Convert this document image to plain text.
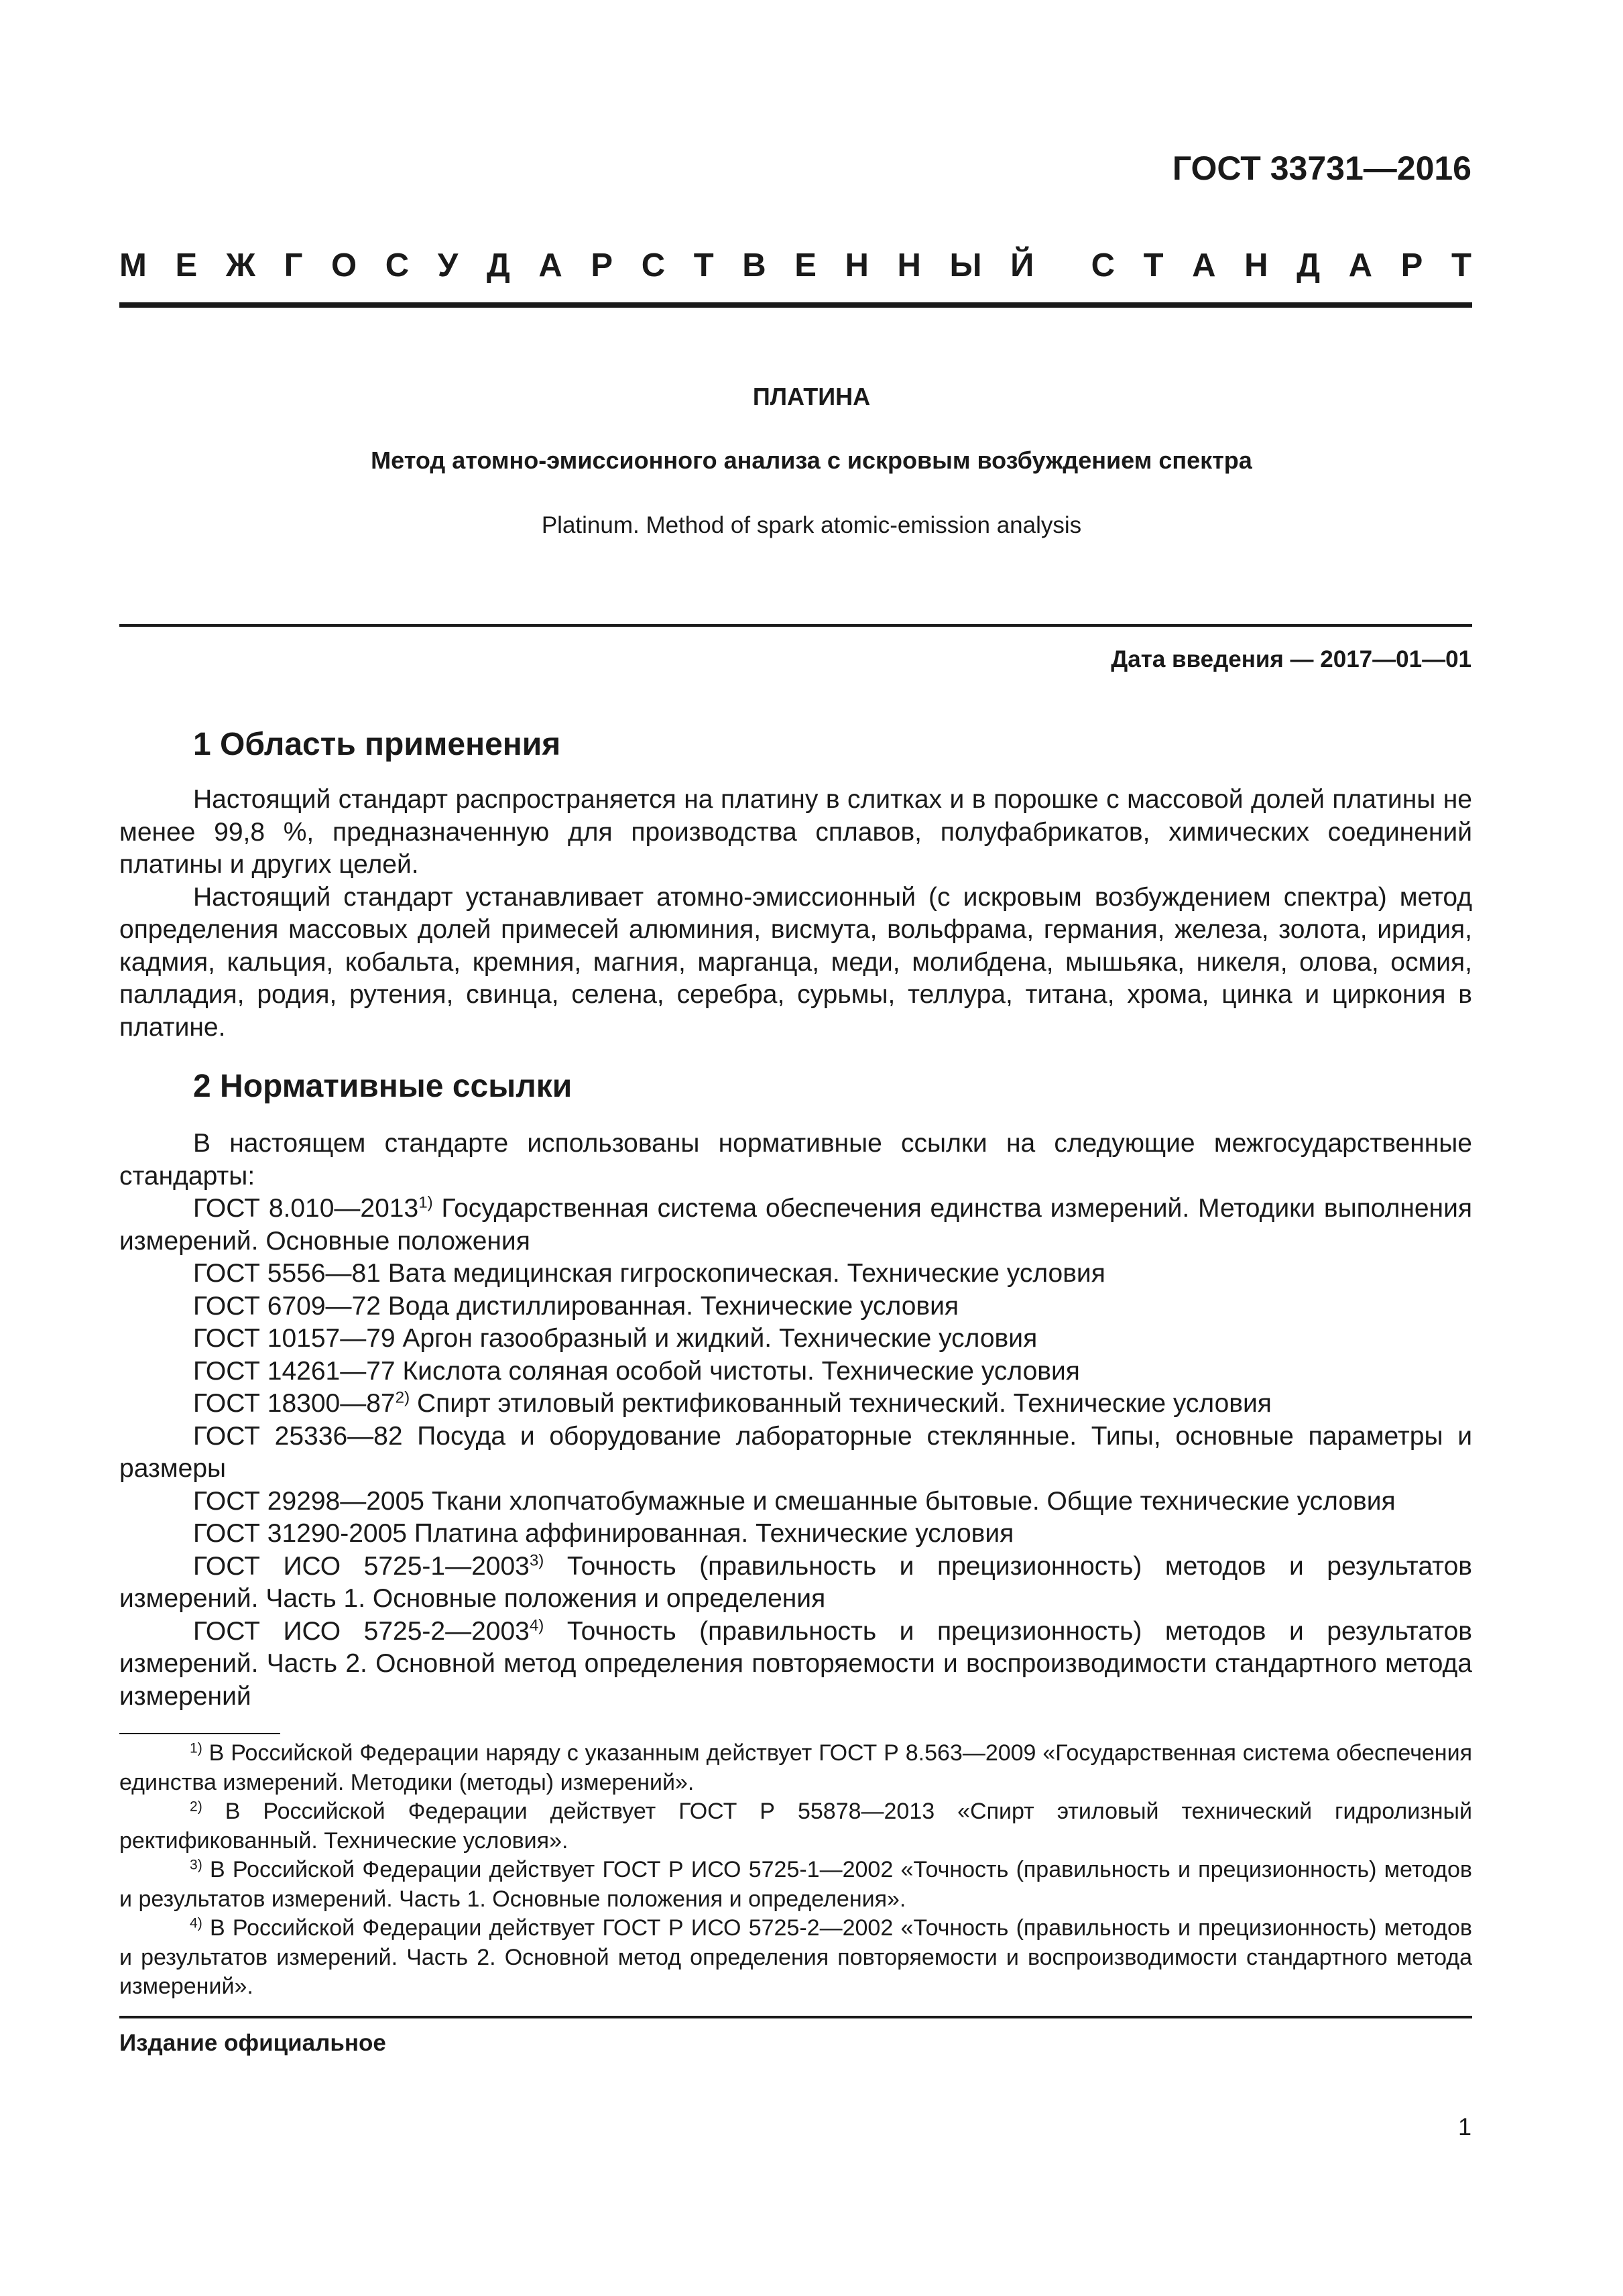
ГОСТ 33731—2016
М Е Ж Г О С У Д А Р С Т В Е Н Н Ы Й С Т А Н Д А Р Т
ПЛАТИНА
Метод атомно-эмиссионного анализа с искровым возбуждением спектра
Platinum. Method of spark atomic-emission analysis
Дата введения — 2017—01—01
1 Область применения

Настоящий стандарт распространяется на платину в слитках и в порошке с массовой долей платины не менее 99,8 %, предназначенную для производства сплавов, полуфабрикатов, химических соединений платины и других целей.

Настоящий стандарт устанавливает атомно-эмиссионный (с искровым возбуждением спектра) метод определения массовых долей примесей алюминия, висмута, вольфрама, германия, железа, золота, иридия, кадмия, кальция, кобальта, кремния, магния, марганца, меди, молибдена, мышьяка, никеля, олова, осмия, палладия, родия, рутения, свинца, селена, серебра, сурьмы, теллура, титана, хрома, цинка и циркония в платине.

2 Нормативные ссылки

В настоящем стандарте использованы нормативные ссылки на следующие межгосударственные стандарты:

ГОСТ 8.010—2013$^{1)}$ Государственная система обеспечения единства измерений. Методики выполнения измерений. Основные положения

ГОСТ 5556—81 Вата медицинская гигроскопическая. Технические условия

ГОСТ 6709—72 Вода дистиллированная. Технические условия

ГОСТ 10157—79 Аргон газообразный и жидкий. Технические условия

ГОСТ 14261—77 Кислота соляная особой чистоты. Технические условия

ГОСТ 18300—87$^{2)}$ Спирт этиловый ректификованный технический. Технические условия

ГОСТ 25336—82 Посуда и оборудование лабораторные стеклянные. Типы, основные параметры и размеры

ГОСТ 29298—2005 Ткани хлопчатобумажные и смешанные бытовые. Общие технические условия

ГОСТ 31290-2005 Платина аффинированная. Технические условия

ГОСТ ИСО 5725-1—2003$^{3)}$ Точность (правильность и прецизионность) методов и результатов измерений. Часть 1. Основные положения и определения

ГОСТ ИСО 5725-2—2003$^{4)}$ Точность (правильность и прецизионность) методов и результатов измерений. Часть 2. Основной метод определения повторяемости и воспроизводимости стандартного метода измерений

$^{1)}$ В Российской Федерации наряду с указанным действует ГОСТ Р 8.563—2009 «Государственная система обеспечения единства измерений. Методики (методы) измерений».

$^{2)}$ В Российской Федерации действует ГОСТ Р 55878—2013 «Спирт этиловый технический гидролизный ректификованный. Технические условия».

$^{3)}$ В Российской Федерации действует ГОСТ Р ИСО 5725-1—2002 «Точность (правильность и прецизионность) методов и результатов измерений. Часть 1. Основные положения и определения».

$^{4)}$ В Российской Федерации действует ГОСТ Р ИСО 5725-2—2002 «Точность (правильность и прецизионность) методов и результатов измерений. Часть 2. Основной метод определения повторяемости и воспроизводимости стандартного метода измерений».

Издание официальное
1
